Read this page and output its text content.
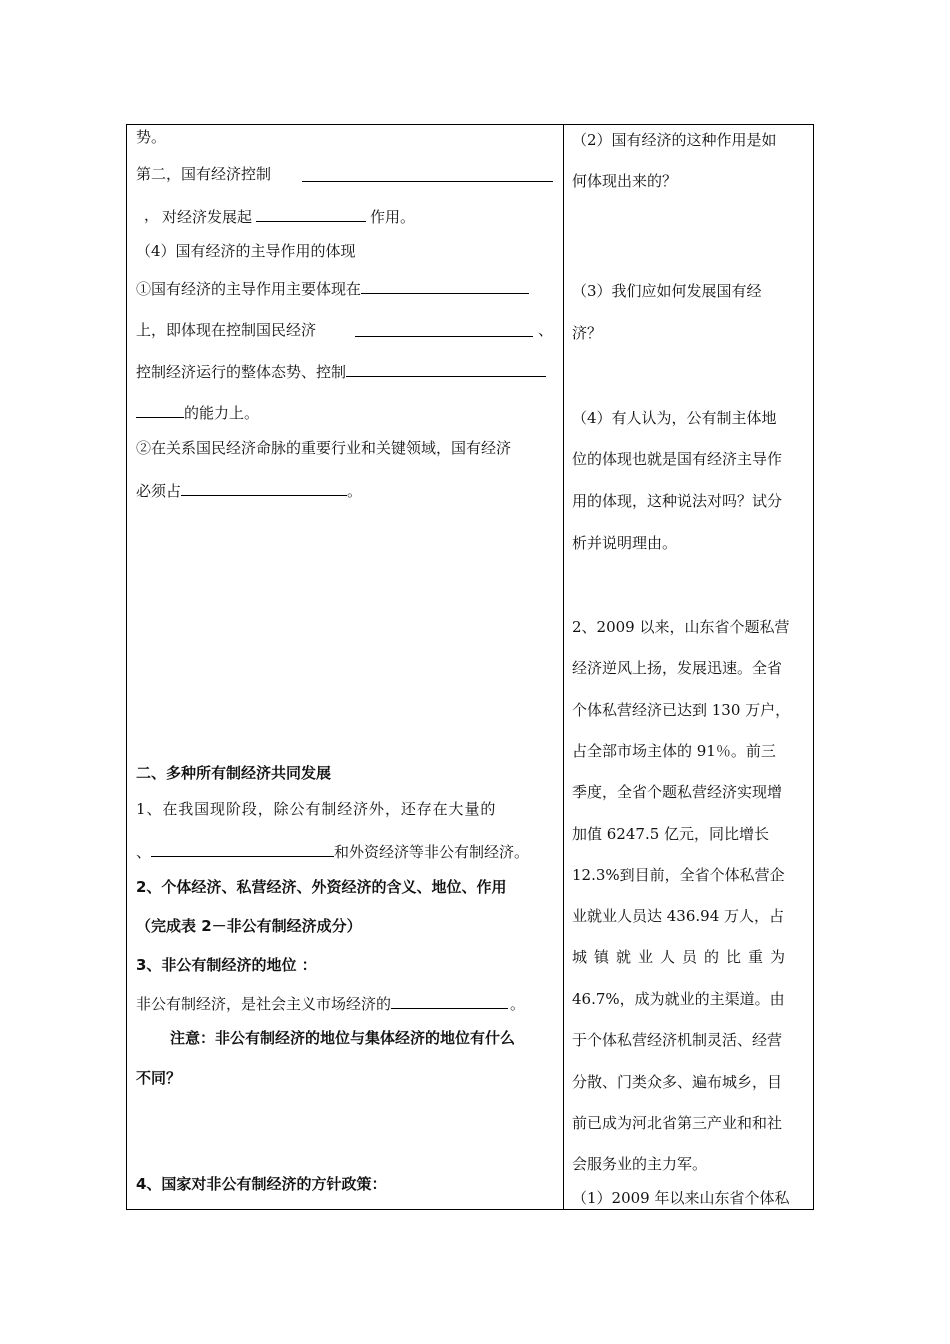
势。
第二，国有经济控制
， 对经济发展起	作用。
（4）国有经济的主导作用的体现
①国有经济的主导作用主要体现在
上，即体现在控制国民经济	、
控制经济运行的整体态势、控制
的能力上。
②在关系国民经济命脉的重要行业和关键领域，国有经济
必须占	。
二、多种所有制经济共同发展
1、在我国现阶段，除公有制经济外，还存在大量的
、	和外资经济等非公有制经济。
2、个体经济、私营经济、外资经济的含义、地位、作用
（完成表 2－非公有制经济成分）
3、非公有制经济的地位 ：
非公有制经济，是社会主义市场经济的	。
注意：非公有制经济的地位与集体经济的地位有什么
不同？
4、国家对非公有制经济的方针政策：
（2）国有经济的这种作用是如
何体现出来的？
（3）我们应如何发展国有经
济？
（4）有人认为，公有制主体地
位的体现也就是国有经济主导作
用的体现，这种说法对吗？试分
析并说明理由。
2、2009 以来，山东省个题私营
经济逆风上扬，发展迅速。全省
个体私营经济已达到 130 万户，
占全部市场主体的 91％。前三
季度，全省个题私营经济实现增
加值 6247.5 亿元，同比增长
12.3%到目前，全省个体私营企
业就业人员达 436.94 万人，占
城镇就业人员的比重为
46.7%，成为就业的主渠道。由
于个体私营经济机制灵活、经营
分散、门类众多、遍布城乡，目
前已成为河北省第三产业和和社
会服务业的主力军。
（1）2009 年以来山东省个体私
